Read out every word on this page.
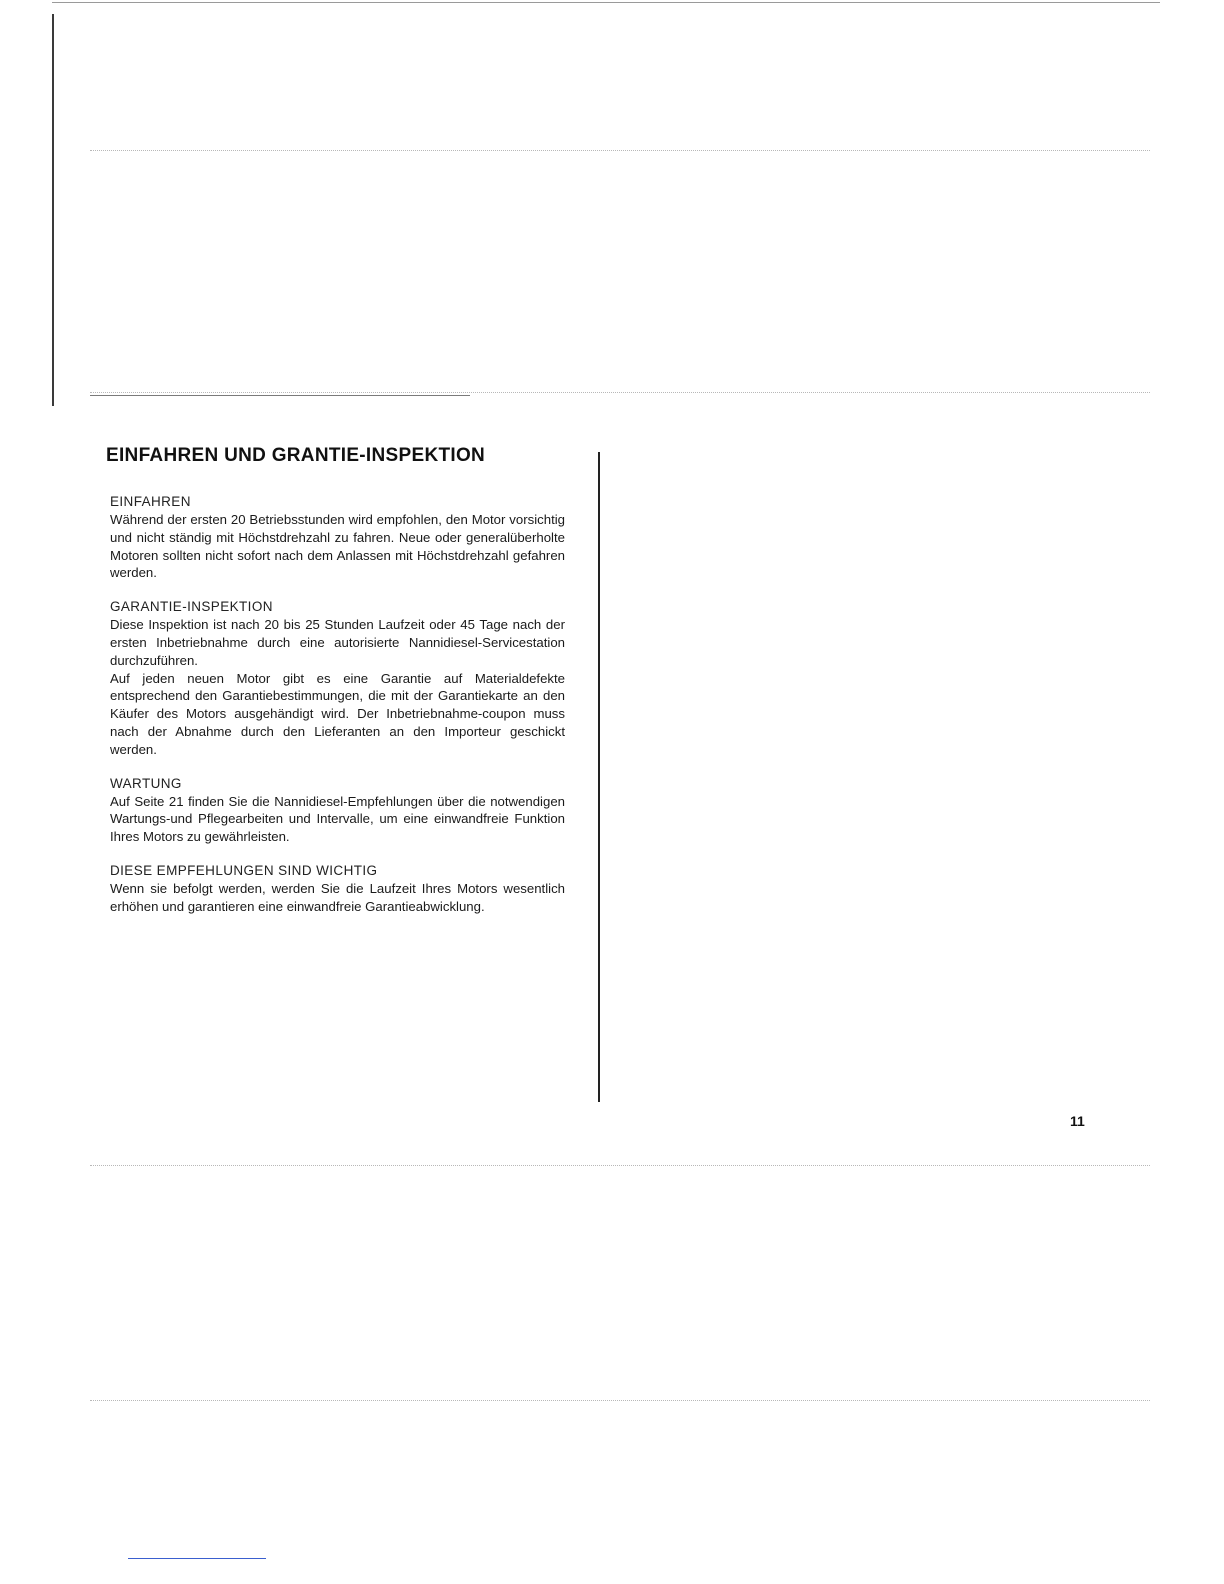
EINFAHREN UND GRANTIE-INSPEKTION
EINFAHREN
Während der ersten 20 Betriebsstunden wird empfohlen, den Motor vorsichtig und nicht ständig mit Höchstdrehzahl zu fahren. Neue oder generalüberholte Motoren sollten nicht sofort nach dem Anlassen mit Höchstdrehzahl gefahren werden.
GARANTIE-INSPEKTION
Diese Inspektion ist nach 20 bis 25 Stunden Laufzeit oder 45 Tage nach der ersten Inbetriebnahme durch eine autorisierte Nannidiesel-Servicestation durchzuführen.
Auf jeden neuen Motor gibt es eine Garantie auf Materialdefekte entsprechend den Garantiebestimmungen, die mit der Garantiekarte an den Käufer des Motors ausgehändigt wird. Der Inbetriebnahme-coupon muss nach der Abnahme durch den Lieferanten an den Importeur geschickt werden.
WARTUNG
Auf Seite 21 finden Sie die Nannidiesel-Empfehlungen über die notwendigen Wartungs-und Pflegearbeiten und Intervalle, um eine einwandfreie Funktion Ihres Motors zu gewährleisten.
DIESE EMPFEHLUNGEN SIND WICHTIG
Wenn sie befolgt werden, werden Sie die Laufzeit Ihres Motors wesentlich erhöhen und garantieren eine einwandfreie Garantieabwicklung.
11
